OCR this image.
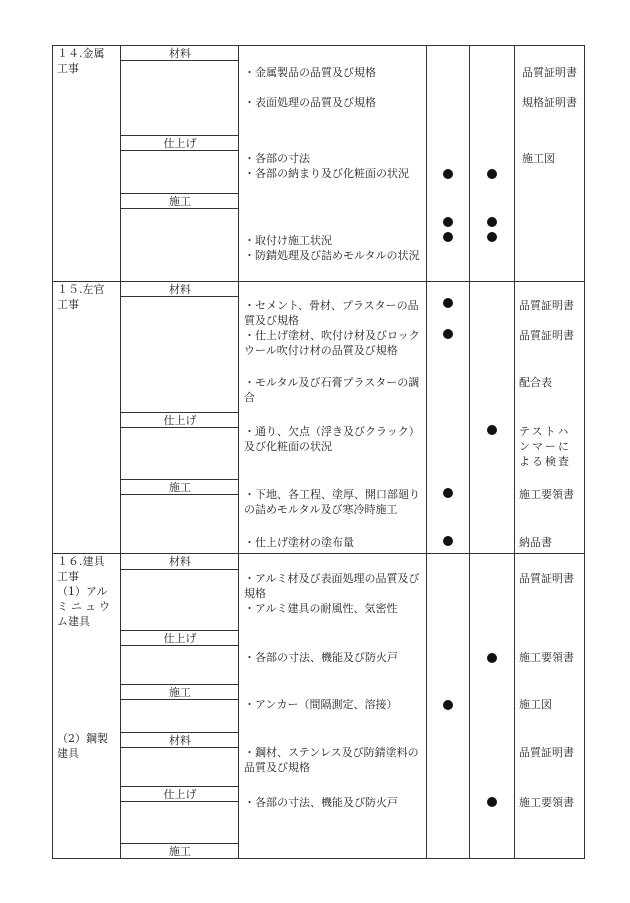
１４.金属
工事
材料
仕上げ
施工
・金属製品の品質及び規格
・表面処理の品質及び規格
・各部の寸法
・各部の納まり及び化粧面の状況
・取付け施工状況
・防錆処理及び詰めモルタルの状況
品質証明書
規格証明書
施工図
１５.左官
工事
材料
仕上げ
施工
・セメント、骨材、プラスターの品質及び規格
・仕上げ塗材、吹付け材及びロックウール吹付け材の品質及び規格
・モルタル及び石膏プラスターの調合
・通り、欠点（浮き及びクラック）及び化粧面の状況
・下地、各工程、塗厚、開口部廻りの詰めモルタル及び寒冷時施工
・仕上げ塗材の塗布量
品質証明書
品質証明書
配合表
テストハンマーによる検査
施工要領書
納品書
１６.建具
工事
（1）アル
ミニュウ
ム建具
（2）鋼製
建具
材料
仕上げ
施工
材料
仕上げ
施工
・アルミ材及び表面処理の品質及び規格
・アルミ建具の耐風性、気密性
・各部の寸法、機能及び防火戸
・アンカー（間隔測定、溶接）
・鋼材、ステンレス及び防錆塗料の品質及び規格
・各部の寸法、機能及び防火戸
品質証明書
施工要領書
施工図
品質証明書
施工要領書
